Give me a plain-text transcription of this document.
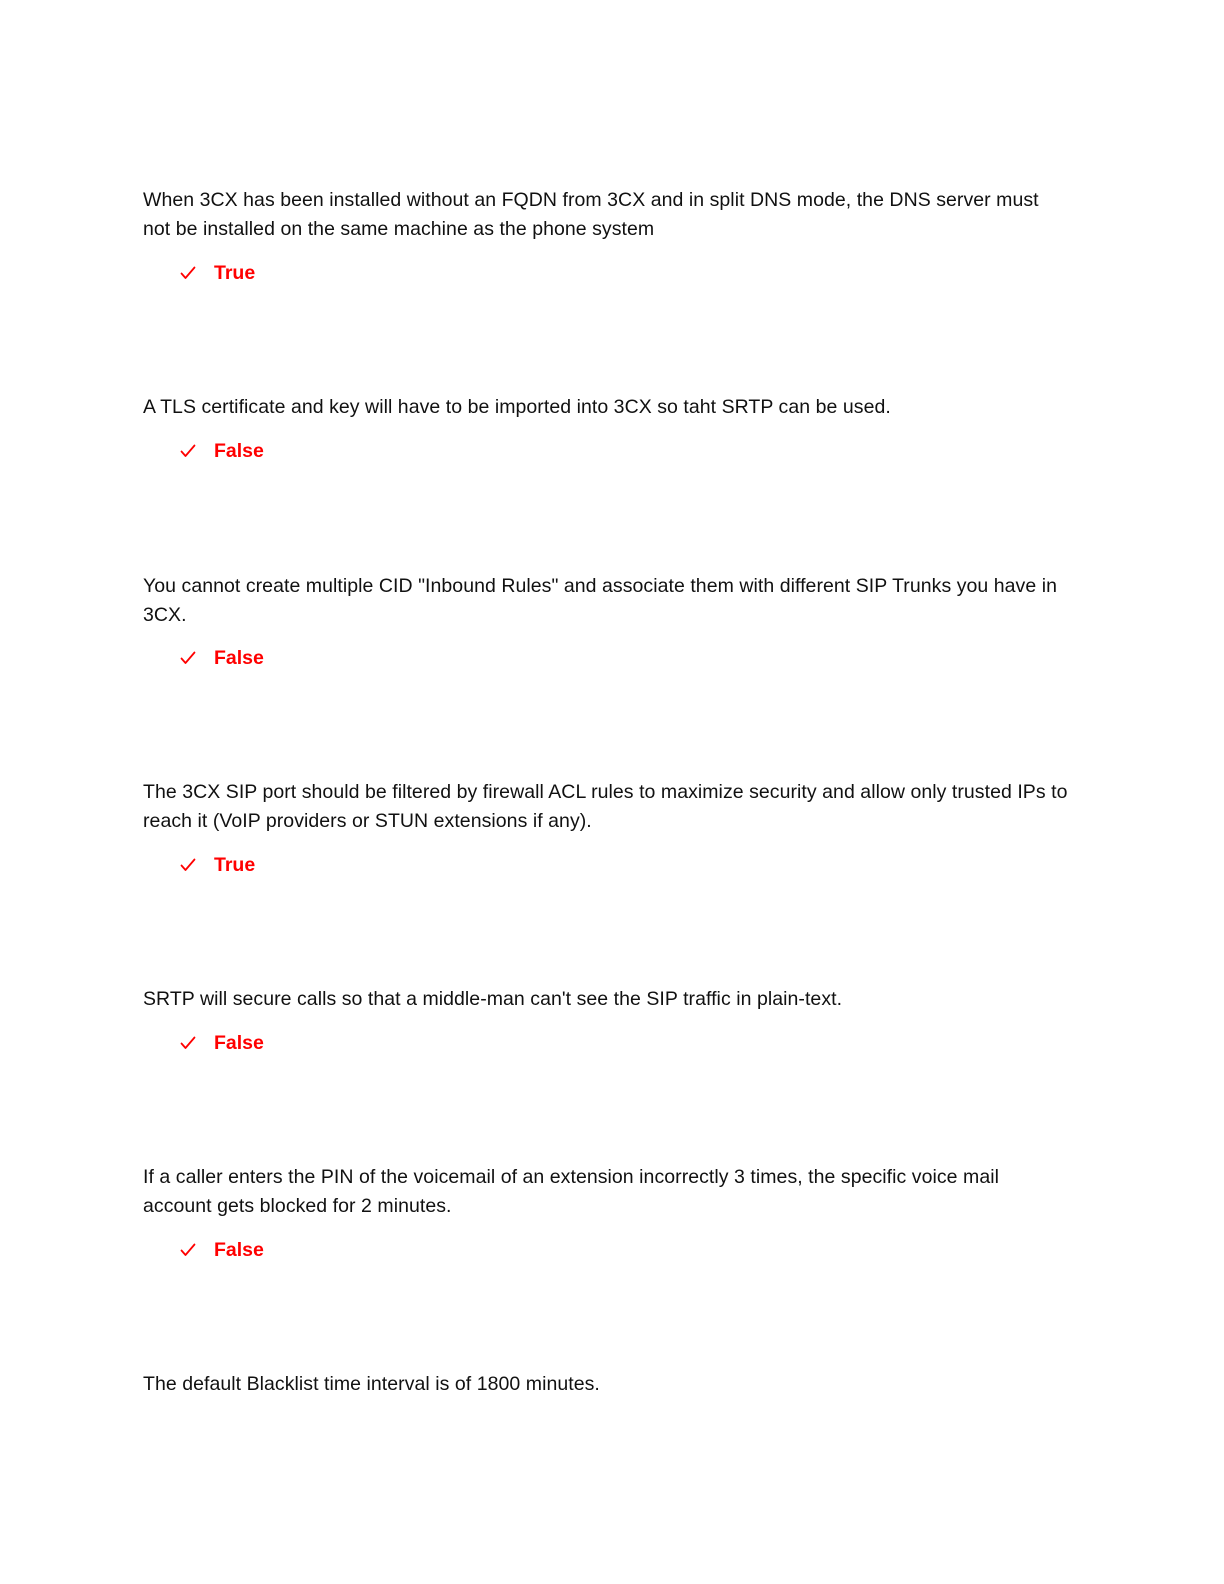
When 3CX has been installed without an FQDN from 3CX and in split DNS mode, the DNS server must not be installed on the same machine as the phone system

True

A TLS certificate and key will have to be imported into 3CX so taht SRTP can be used.

False

You cannot create multiple CID "Inbound Rules" and associate them with different SIP Trunks you have in 3CX.

False

The 3CX SIP port should be filtered by firewall ACL rules to maximize security and allow only trusted IPs to reach it (VoIP providers or STUN extensions if any).

True

SRTP will secure calls so that a middle-man can't see the SIP traffic in plain-text.

False

If a caller enters the PIN of the voicemail of an extension incorrectly 3 times, the specific voice mail account gets blocked for 2 minutes.

False

The default Blacklist time interval is of 1800 minutes.
